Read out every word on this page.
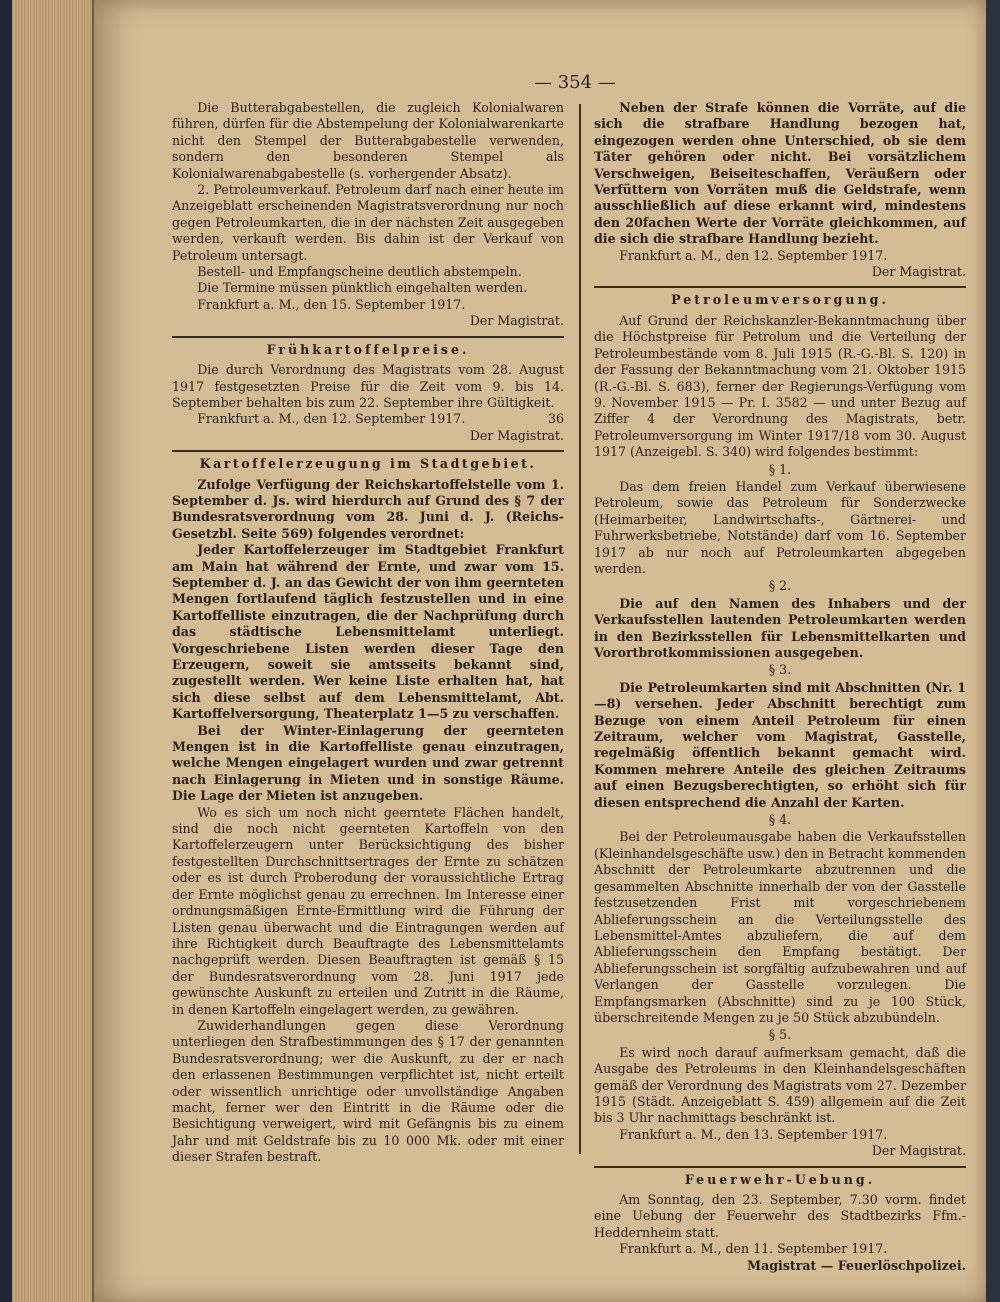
— 354 —

Die Butterabgabestellen, die zugleich Kolonialwaren führen, dürfen für die Abstempelung der Kolonialwarenkarte nicht den Stempel der Butterabgabestelle verwenden, sondern den besonderen Stempel als Kolonialwarenabgabestelle (s. vorhergender Absatz).

2. Petroleumverkauf. Petroleum darf nach einer heute im Anzeigeblatt erscheinenden Magistratsverordnung nur noch gegen Petroleumkarten, die in der nächsten Zeit ausgegeben werden, verkauft werden. Bis dahin ist der Verkauf von Petroleum untersagt.

Bestell- und Empfangscheine deutlich abstempeln.

Die Termine müssen pünktlich eingehalten werden.

Frankfurt a. M., den 15. September 1917.

Der Magistrat.

Frühkartoffelpreise.

Die durch Verordnung des Magistrats vom 28. August 1917 festgesetzten Preise für die Zeit vom 9. bis 14. September behalten bis zum 22. September ihre Gültigkeit.

Frankfurt a. M., den 12. September 1917.	36

Der Magistrat.

Kartoffelerzeugung im Stadtgebiet.

Zufolge Verfügung der Reichskartoffelstelle vom 1. September d. Js. wird hierdurch auf Grund des § 7 der Bundesratsverordnung vom 28. Juni d. J. (Reichs-Gesetzbl. Seite 569) folgendes verordnet:

Jeder Kartoffelerzeuger im Stadtgebiet Frankfurt am Main hat während der Ernte, und zwar vom 15. September d. J. an das Gewicht der von ihm geernteten Mengen fortlaufend täglich festzustellen und in eine Kartoffelliste einzutragen, die der Nachprüfung durch das städtische Lebensmittelamt unterliegt. Vorgeschriebene Listen werden dieser Tage den Erzeugern, soweit sie amtsseits bekannt sind, zugestellt werden. Wer keine Liste erhalten hat, hat sich diese selbst auf dem Lebensmittelamt, Abt. Kartoffelversorgung, Theaterplatz 1—5 zu verschaffen.

Bei der Winter-Einlagerung der geernteten Mengen ist in die Kartoffelliste genau einzutragen, welche Mengen eingelagert wurden und zwar getrennt nach Einlagerung in Mieten und in sonstige Räume. Die Lage der Mieten ist anzugeben.

Wo es sich um noch nicht geerntete Flächen handelt, sind die noch nicht geernteten Kartoffeln von den Kartoffelerzeugern unter Berücksichtigung des bisher festgestellten Durchschnittsertrages der Ernte zu schätzen oder es ist durch Proberodung der voraussichtliche Ertrag der Ernte möglichst genau zu errechnen. Im Interesse einer ordnungsmäßigen Ernte-Ermittlung wird die Führung der Listen genau überwacht und die Eintragungen werden auf ihre Richtigkeit durch Beauftragte des Lebensmittelamts nachgeprüft werden. Diesen Beauftragten ist gemäß § 15 der Bundesratsverordnung vom 28. Juni 1917 jede gewünschte Auskunft zu erteilen und Zutritt in die Räume, in denen Kartoffeln eingelagert werden, zu gewähren.

Zuwiderhandlungen gegen diese Verordnung unterliegen den Strafbestimmungen des § 17 der genannten Bundesratsverordnung; wer die Auskunft, zu der er nach den erlassenen Bestimmungen verpflichtet ist, nicht erteilt oder wissentlich unrichtige oder unvollständige Angaben macht, ferner wer den Eintritt in die Räume oder die Besichtigung verweigert, wird mit Gefängnis bis zu einem Jahr und mit Geldstrafe bis zu 10 000 Mk. oder mit einer dieser Strafen bestraft.

Neben der Strafe können die Vorräte, auf die sich die strafbare Handlung bezogen hat, eingezogen werden ohne Unterschied, ob sie dem Täter gehören oder nicht. Bei vorsätzlichem Verschweigen, Beiseiteschaffen, Veräußern oder Verfüttern von Vorräten muß die Geldstrafe, wenn ausschließlich auf diese erkannt wird, mindestens den 20fachen Werte der Vorräte gleichkommen, auf die sich die strafbare Handlung bezieht.

Frankfurt a. M., den 12. September 1917.

Der Magistrat.

Petroleumversorgung.

Auf Grund der Reichskanzler-Bekanntmachung über die Höchstpreise für Petrolum und die Verteilung der Petroleumbestände vom 8. Juli 1915 (R.-G.-Bl. S. 120) in der Fassung der Bekanntmachung vom 21. Oktober 1915 (R.-G.-Bl. S. 683), ferner der Regierungs-Verfügung vom 9. November 1915 — Pr. I. 3582 — und unter Bezug auf Ziffer 4 der Verordnung des Magistrats, betr. Petroleumversorgung im Winter 1917/18 vom 30. August 1917 (Anzeigebl. S. 340) wird folgendes bestimmt:

§ 1.

Das dem freien Handel zum Verkauf überwiesene Petroleum, sowie das Petroleum für Sonderzwecke (Heimarbeiter, Landwirtschafts-, Gärtnerei- und Fuhrwerksbetriebe, Notstände) darf vom 16. September 1917 ab nur noch auf Petroleumkarten abgegeben werden.

§ 2.

Die auf den Namen des Inhabers und der Verkaufsstellen lautenden Petroleumkarten werden in den Bezirksstellen für Lebensmittelkarten und Vorortbrotkommissionen ausgegeben.

§ 3.

Die Petroleumkarten sind mit Abschnitten (Nr. 1—8) versehen. Jeder Abschnitt berechtigt zum Bezuge von einem Anteil Petroleum für einen Zeitraum, welcher vom Magistrat, Gasstelle, regelmäßig öffentlich bekannt gemacht wird. Kommen mehrere Anteile des gleichen Zeitraums auf einen Bezugsberechtigten, so erhöht sich für diesen entsprechend die Anzahl der Karten.

§ 4.

Bei der Petroleumausgabe haben die Verkaufsstellen (Kleinhandelsgeschäfte usw.) den in Betracht kommenden Abschnitt der Petroleumkarte abzutrennen und die gesammelten Abschnitte innerhalb der von der Gasstelle festzusetzenden Frist mit vorgeschriebenem Ablieferungsschein an die Verteilungsstelle des Lebensmittel-Amtes abzuliefern, die auf dem Ablieferungsschein den Empfang bestätigt. Der Ablieferungsschein ist sorgfältig aufzubewahren und auf Verlangen der Gasstelle vorzulegen. Die Empfangsmarken (Abschnitte) sind zu je 100 Stück, überschreitende Mengen zu je 50 Stück abzubündeln.

§ 5.

Es wird noch darauf aufmerksam gemacht, daß die Ausgabe des Petroleums in den Kleinhandelsgeschäften gemäß der Verordnung des Magistrats vom 27. Dezember 1915 (Städt. Anzeigeblatt S. 459) allgemein auf die Zeit bis 3 Uhr nachmittags beschränkt ist.

Frankfurt a. M., den 13. September 1917.

Der Magistrat.

Feuerwehr-Uebung.

Am Sonntag, den 23. September, 7.30 vorm. findet eine Uebung der Feuerwehr des Stadtbezirks Ffm.-Heddernheim statt.

Frankfurt a. M., den 11. September 1917.

Magistrat — Feuerlöschpolizei.
